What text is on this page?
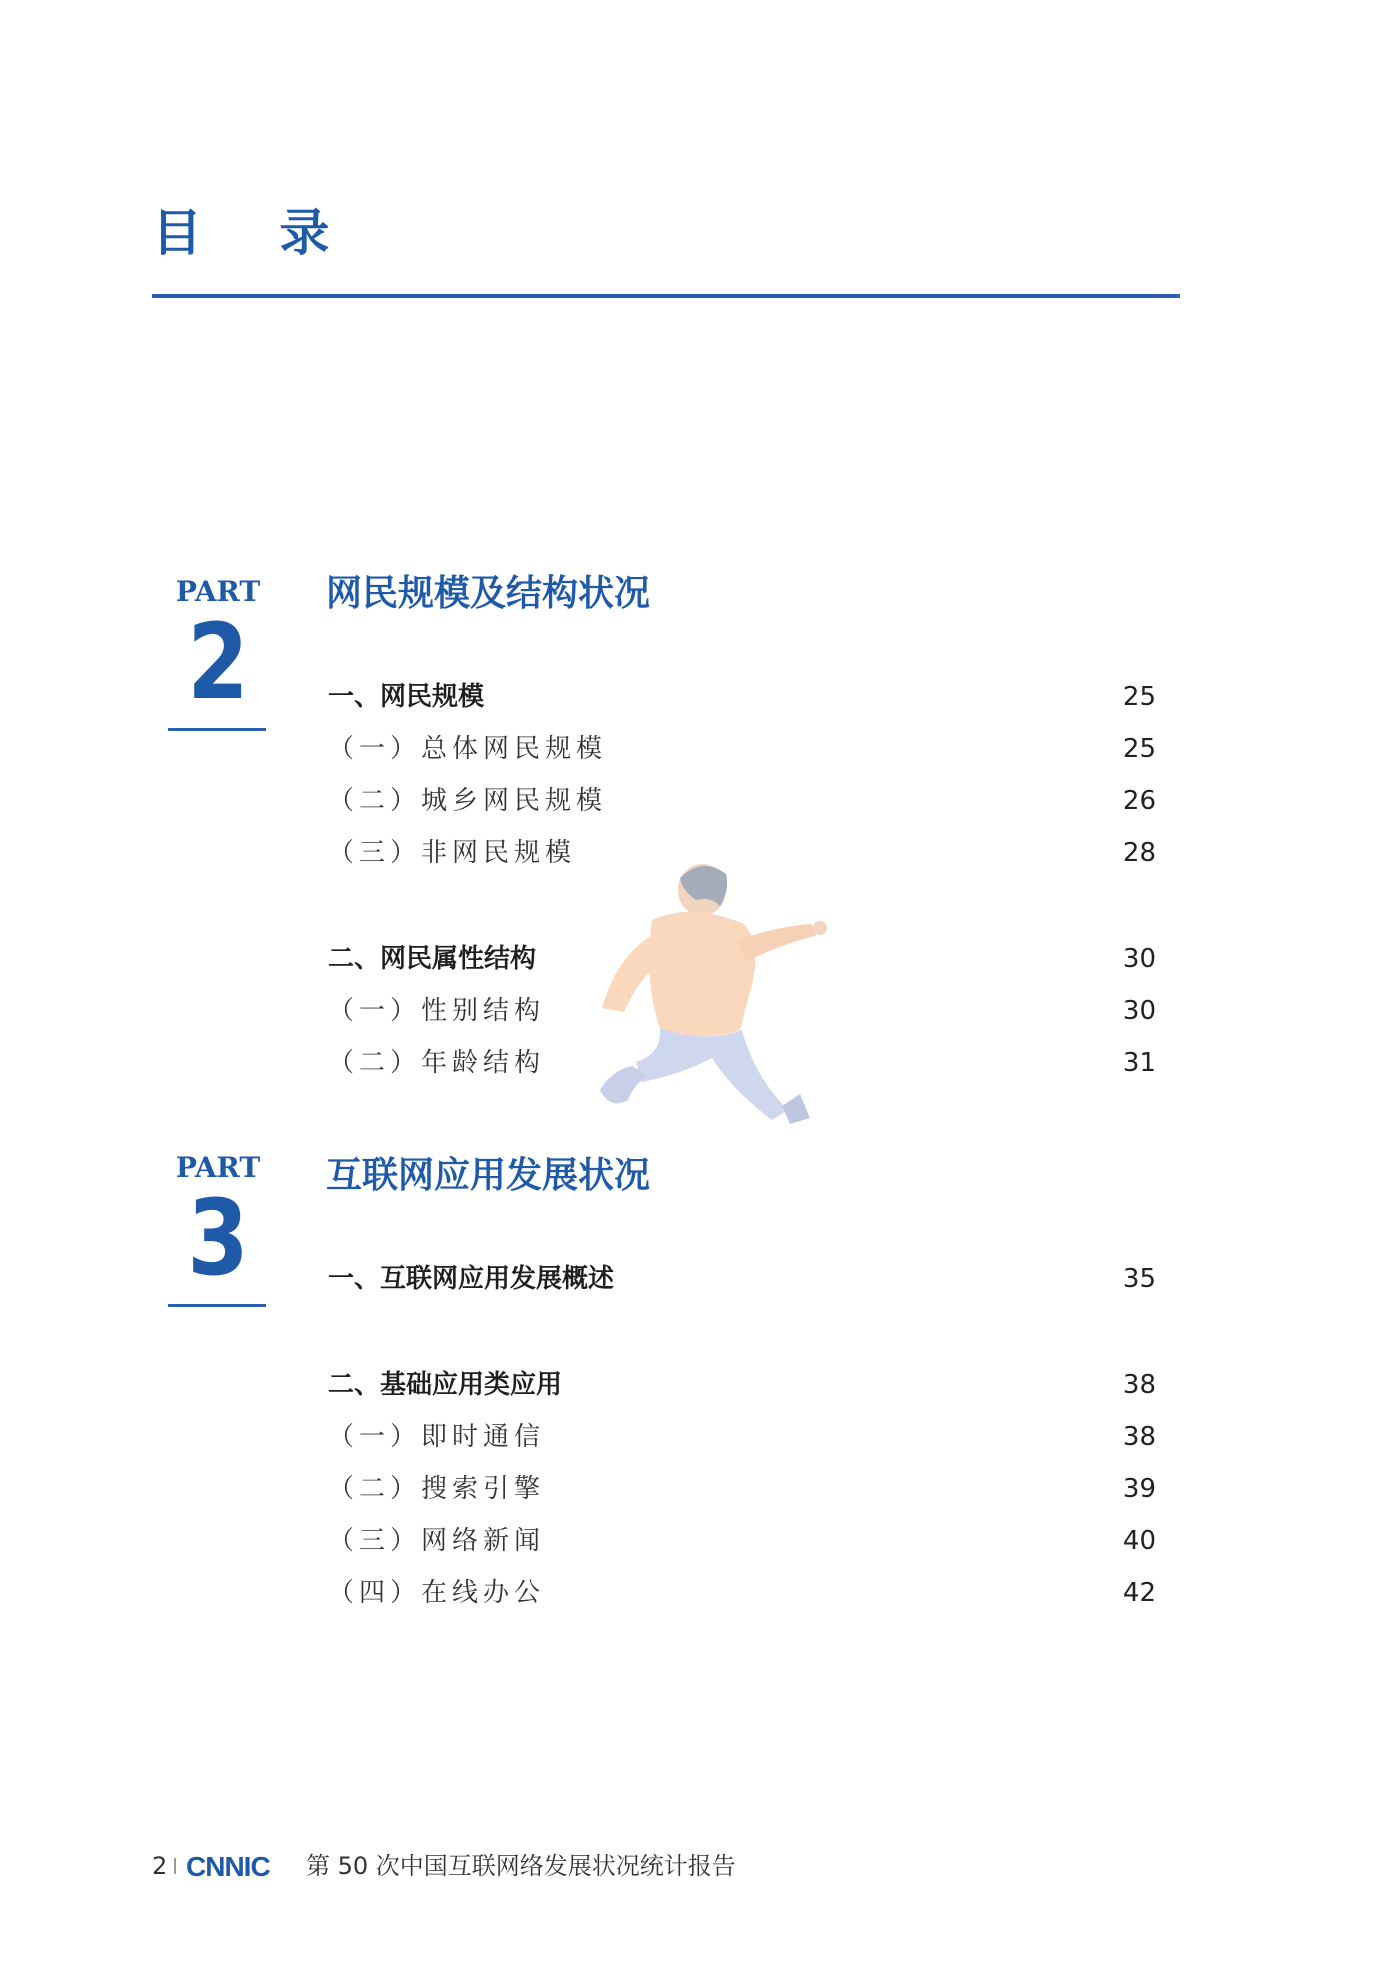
目 录
PART
2
网民规模及结构状况
一、网民规模	25
（一）总体网民规模	25
（二）城乡网民规模	26
（三）非网民规模	28
二、网民属性结构	30
（一）性别结构	30
（二）年龄结构	31
PART
3
互联网应用发展状况
一、互联网应用发展概述	35
二、基础应用类应用	38
（一）即时通信	38
（二）搜索引擎	39
（三）网络新闻	40
（四）在线办公	42
2 CNNIC 第 50 次中国互联网络发展状况统计报告
